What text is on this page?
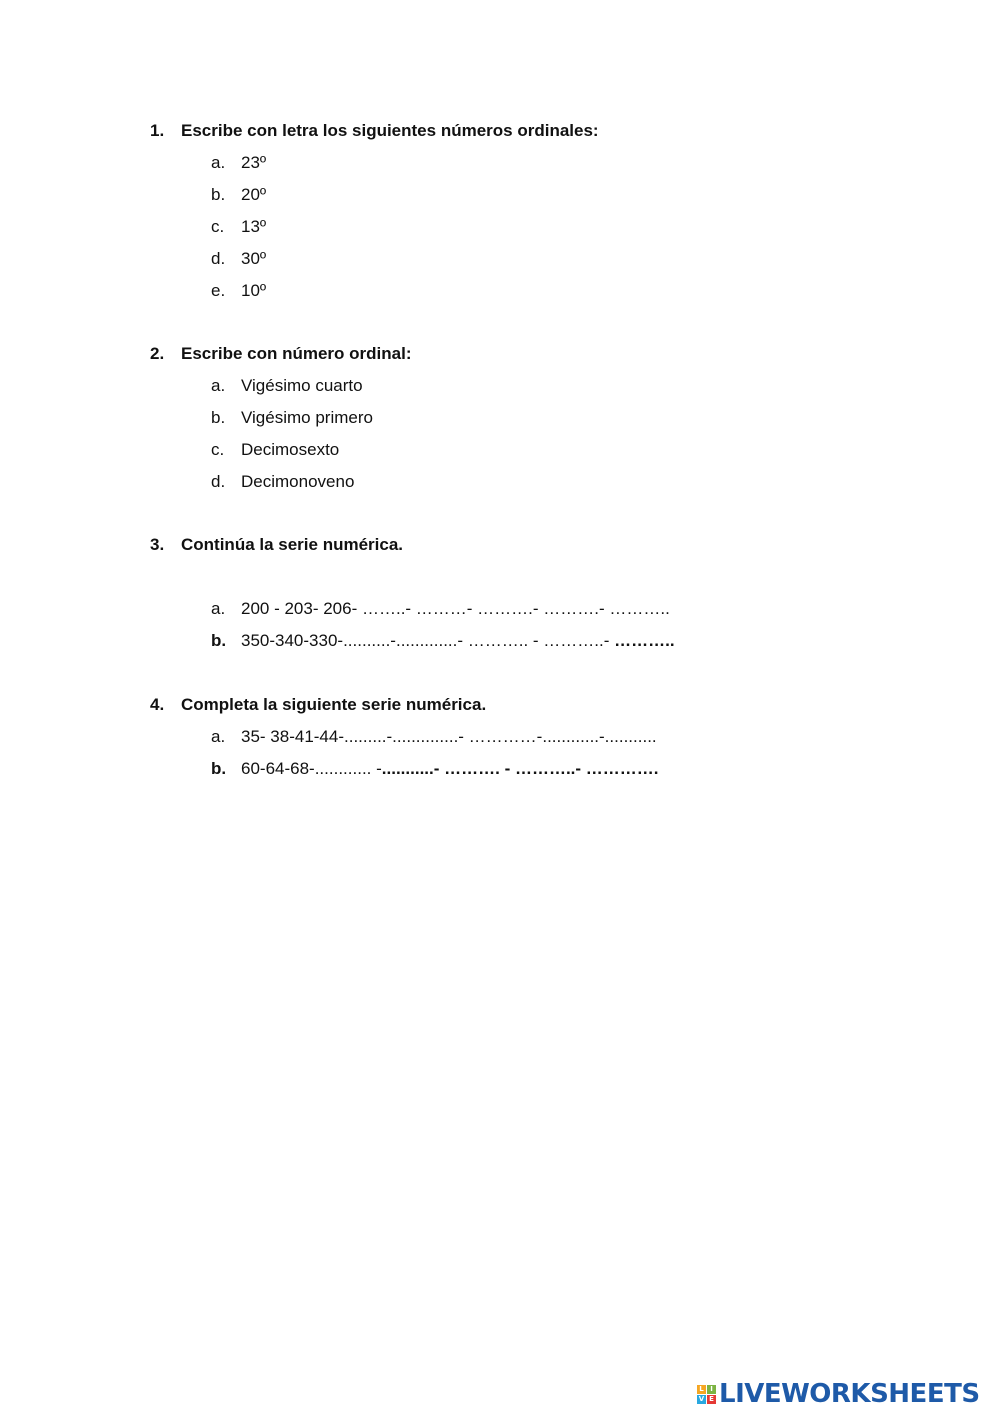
1. Escribe con letra los siguientes números ordinales:
a. 23º
b. 20º
c. 13º
d. 30º
e. 10º
2. Escribe con número ordinal:
a. Vigésimo cuarto
b. Vigésimo primero
c. Decimosexto
d. Decimonoveno
3. Continúa la serie numérica.
a. 200 - 203- 206- ……..- ………- ……….- ……….- ………..
b. 350-340-330-..........-.............- ……….. - ………..- ………..
4. Completa la siguiente serie numérica.
a. 35- 38-41-44-.........-..............- …………-............-...........
b. 60-64-68-............ -...........- ………. - ………..- ………….
L I
V E LIVEWORKSHEETS
